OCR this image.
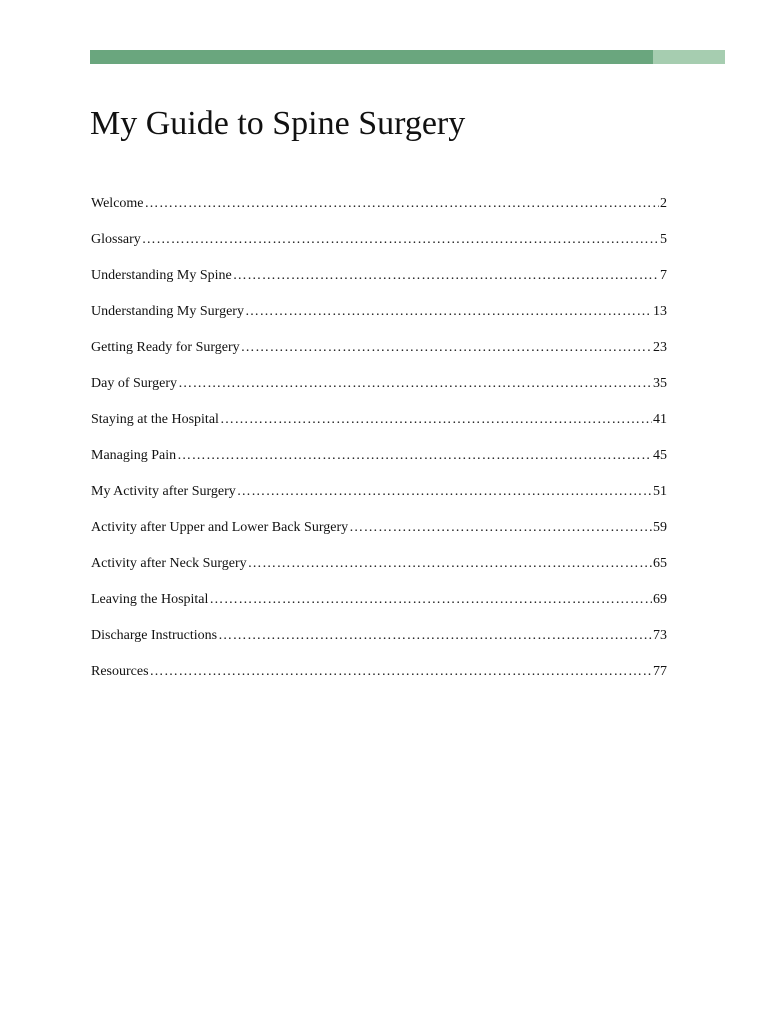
My Guide to Spine Surgery
Welcome ………………………………………………………………………………………………………………………………………………………………………………………………	2
Glossary ………………………………………………………………………………………………………………………………………………………………………………………………	5
Understanding My Spine ………………………………………………………………………………………………………………………………………………………………………………………………	7
Understanding My Surgery ………………………………………………………………………………………………………………………………………………………………………………………………	13
Getting Ready for Surgery ………………………………………………………………………………………………………………………………………………………………………………………………	23
Day of Surgery ………………………………………………………………………………………………………………………………………………………………………………………………	35
Staying at the Hospital ………………………………………………………………………………………………………………………………………………………………………………………………	41
Managing Pain ………………………………………………………………………………………………………………………………………………………………………………………………	45
My Activity after Surgery ………………………………………………………………………………………………………………………………………………………………………………………………	51
Activity after Upper and Lower Back Surgery ………………………………………………………………………………………………………………………………………………………………………………………………	59
Activity after Neck Surgery ………………………………………………………………………………………………………………………………………………………………………………………………	65
Leaving the Hospital ………………………………………………………………………………………………………………………………………………………………………………………………	69
Discharge Instructions ………………………………………………………………………………………………………………………………………………………………………………………………	73
Resources ………………………………………………………………………………………………………………………………………………………………………………………………	77
